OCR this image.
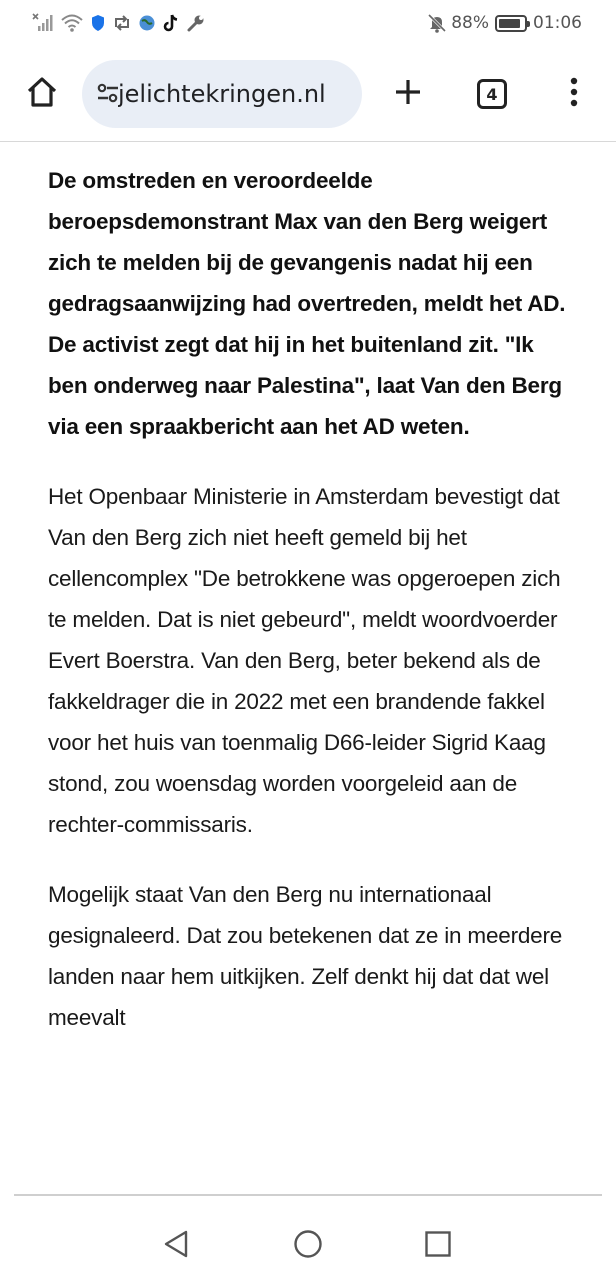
88%	01:06
jelichtekringen.nl	4

De omstreden en veroordeelde beroepsdemonstrant Max van den Berg weigert zich te melden bij de gevangenis nadat hij een gedragsaanwijzing had overtreden, meldt het AD. De activist zegt dat hij in het buitenland zit. "Ik ben onderweg naar Palestina", laat Van den Berg via een spraakbericht aan het AD weten.

Het Openbaar Ministerie in Amsterdam bevestigt dat Van den Berg zich niet heeft gemeld bij het cellencomplex "De betrokkene was opgeroepen zich te melden. Dat is niet gebeurd", meldt woordvoerder Evert Boerstra. Van den Berg, beter bekend als de fakkeldrager die in 2022 met een brandende fakkel voor het huis van toenmalig D66-leider Sigrid Kaag stond, zou woensdag worden voorgeleid aan de rechter-commissaris.

Mogelijk staat Van den Berg nu internationaal gesignaleerd. Dat zou betekenen dat ze in meerdere landen naar hem uitkijken. Zelf denkt hij dat dat wel meevalt
